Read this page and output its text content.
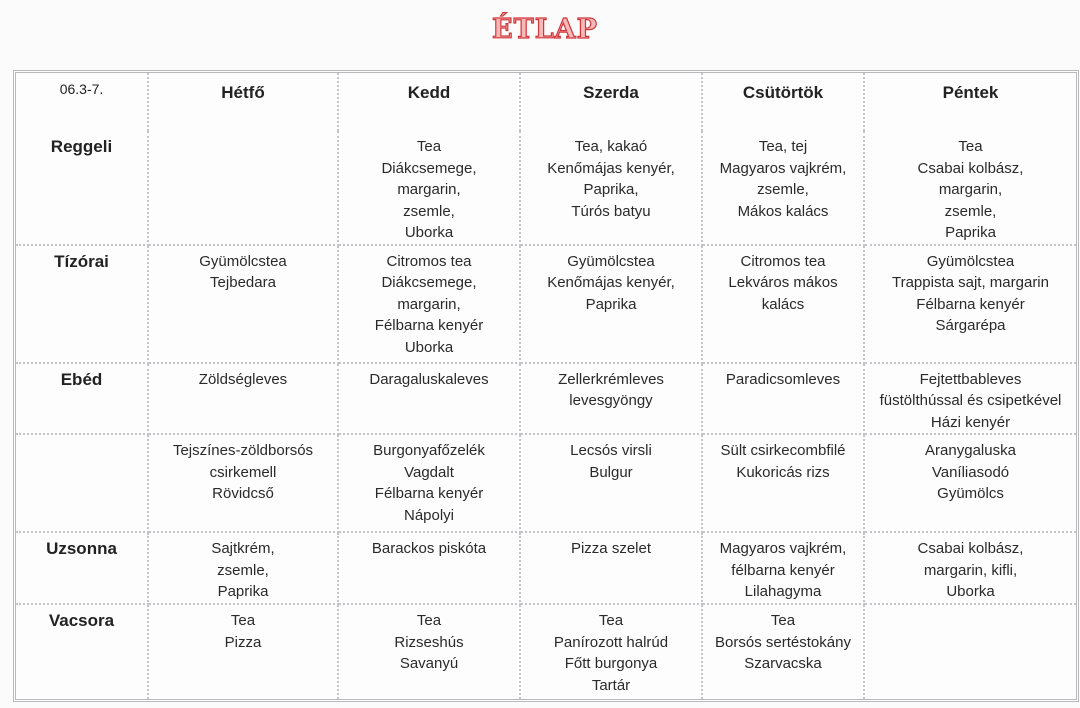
ÉTLAP
06.3-7.	Hétfő	Kedd	Szerda	Csütörtök	Péntek
Reggeli		Tea
Diákcsemege,
margarin,
zsemle,
Uborka	Tea, kakaó
Kenőmájas kenyér,
Paprika,
Túrós batyu	Tea, tej
Magyaros vajkrém,
zsemle,
Mákos kalács	Tea
Csabai kolbász,
margarin,
zsemle,
Paprika

Tízórai	Gyümölcstea
Tejbedara	Citromos tea
Diákcsemege,
margarin,
Félbarna kenyér
Uborka	Gyümölcstea
Kenőmájas kenyér,
Paprika	Citromos tea
Lekváros mákos
kalács	Gyümölcstea
Trappista sajt, margarin
Félbarna kenyér
Sárgarépa

Ebéd	Zöldségleves	Daragaluskaleves	Zellerkrémleves
levesgyöngy	Paradicsomleves	Fejtettbableves
füstölthússal és csipetkével
Házi kenyér

	Tejszínes-zöldborsós
csirkemell
Rövidcső	Burgonyafőzelék
Vagdalt
Félbarna kenyér
Nápolyi	Lecsós virsli
Bulgur	Sült csirkecombfilé
Kukoricás rizs	Aranygaluska
Vaníliasodó
Gyümölcs

Uzsonna	Sajtkrém,
zsemle,
Paprika	Barackos piskóta	Pizza szelet	Magyaros vajkrém,
félbarna kenyér
Lilahagyma	Csabai kolbász,
margarin, kifli,
Uborka

Vacsora	Tea
Pizza	Tea
Rizseshús
Savanyú	Tea
Panírozott halrúd
Főtt burgonya
Tartár	Tea
Borsós sertéstokány
Szarvacska	
